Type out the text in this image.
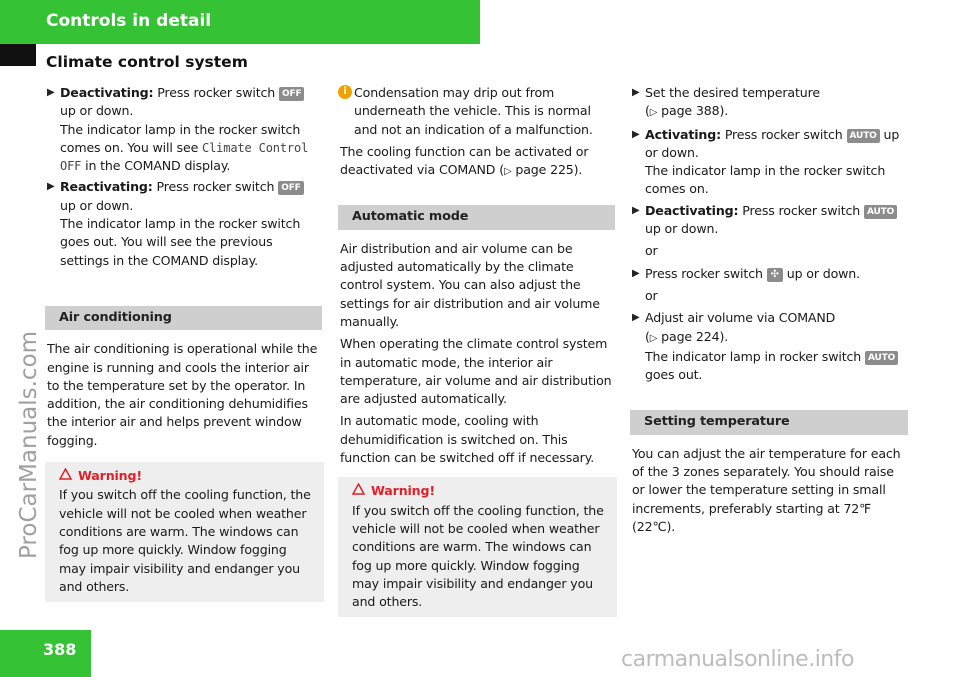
Controls in detail
Climate control system
ProCarManuals.com
▶ Deactivating: Press rocker switch OFF up or down.
The indicator lamp in the rocker switch comes on. You will see Climate Control OFF in the COMAND display.
▶ Reactivating: Press rocker switch OFF up or down.
The indicator lamp in the rocker switch goes out. You will see the previous settings in the COMAND display.
Air conditioning
The air conditioning is operational while the engine is running and cools the interior air to the temperature set by the operator. In addition, the air conditioning dehumidifies the interior air and helps prevent window fogging.
Warning!
If you switch off the cooling function, the vehicle will not be cooled when weather conditions are warm. The windows can fog up more quickly. Window fogging may impair visibility and endanger you and others.
i Condensation may drip out from underneath the vehicle. This is normal and not an indication of a malfunction.
The cooling function can be activated or deactivated via COMAND (▷ page 225).
Automatic mode
Air distribution and air volume can be adjusted automatically by the climate control system. You can also adjust the settings for air distribution and air volume manually.
When operating the climate control system in automatic mode, the interior air temperature, air volume and air distribution are adjusted automatically.
In automatic mode, cooling with dehumidification is switched on. This function can be switched off if necessary.
Warning!
If you switch off the cooling function, the vehicle will not be cooled when weather conditions are warm. The windows can fog up more quickly. Window fogging may impair visibility and endanger you and others.
▶ Set the desired temperature
(▷ page 388).
▶ Activating: Press rocker switch AUTO up or down.
The indicator lamp in the rocker switch comes on.
▶ Deactivating: Press rocker switch AUTO up or down.
or
▶ Press rocker switch ✣ up or down.
or
▶ Adjust air volume via COMAND
(▷ page 224).
The indicator lamp in rocker switch AUTO
goes out.
Setting temperature
You can adjust the air temperature for each of the 3 zones separately. You should raise or lower the temperature setting in small increments, preferably starting at 72℉ (22℃).
388	carmanualsonline.info
